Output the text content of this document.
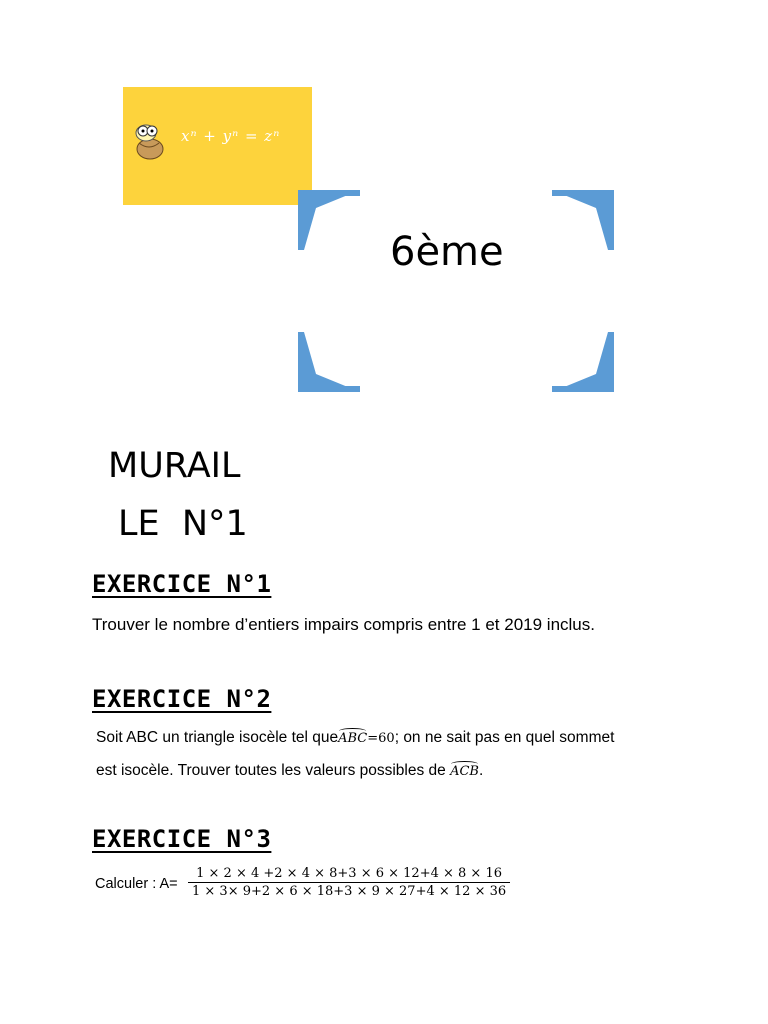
xⁿ + yⁿ = zⁿ
6ème
MURAIL
LE  N°1
EXERCICE N°1
Trouver le nombre d’entiers impairs compris entre 1 et 2019 inclus.
EXERCICE N°2
Soit ABC un triangle isocèle tel queABC=60; on ne sait pas en quel sommet
est isocèle. Trouver toutes les valeurs possibles de ACB.
EXERCICE N°3
Calculer : A=
1 × 2 × 4 +2 × 4 × 8+3 × 6 × 12+4 × 8 × 16
1 × 3× 9+2 × 6 × 18+3 × 9 × 27+4 × 12 × 36
